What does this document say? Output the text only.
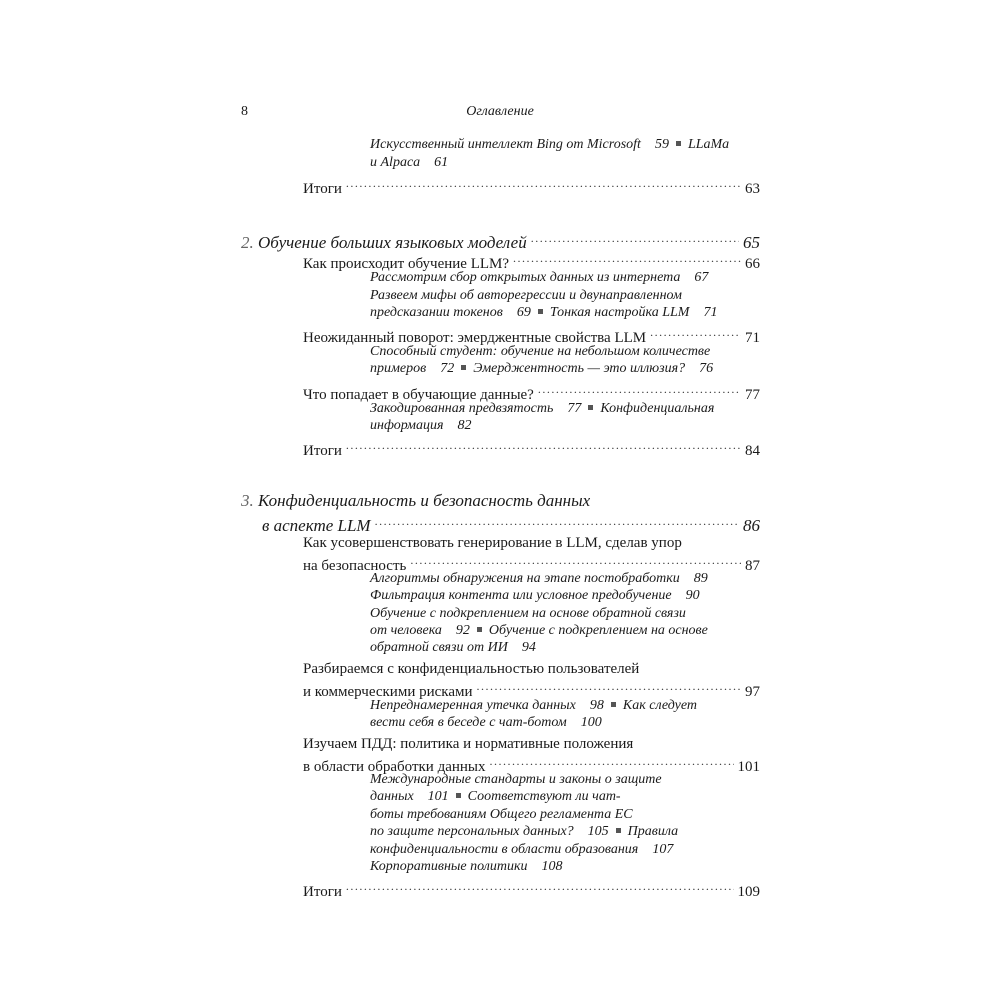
8	Оглавление
Искусственный интеллект Bing от Microsoft 59 LLaMa
и Alpaca 61
Итоги .....	63
2.
Обучение больших языковых моделей .....	65
Как происходит обучение LLM? .....	66
Рассмотрим сбор открытых данных из интернета 67
Развеем мифы об авторегрессии и двунаправленном
предсказании токенов 69 Тонкая настройка LLM 71
Неожиданный поворот: эмерджентные свойства LLM .....	71
Способный студент: обучение на небольшом количестве
примеров 72 Эмерджентность — это иллюзия? 76
Что попадает в обучающие данные? .....	77
Закодированная предвзятость 77 Конфиденциальная
информация 82
Итоги .....	84
3. Конфиденциальность и безопасность данных
в аспекте LLM .....	86
Как усовершенствовать генерированиe в LLM, сделав упор
на безопасность .....	87
Алгоритмы обнаружения на этапе постобработки 89
Фильтрация контента или условное предобучение 90
Обучение с подкреплением на основе обратной связи
от человека 92 Обучение с подкреплением на основе
обратной связи от ИИ 94
Разбираемся с конфиденциальностью пользователей
и коммерческими рисками .....	97
Непреднамеренная утечка данных 98 Как следует
вести себя в беседе с чат-ботом 100
Изучаем ПДД: политика и нормативные положения
в области обработки данных .....	101
Международные стандарты и законы о защите
данных 101 Соответствуют ли чат-
боты требованиям Общего регламента ЕС
по защите персональных данных? 105 Правила
конфиденциальности в области образования 107
Корпоративные политики 108
Итоги .....	109
